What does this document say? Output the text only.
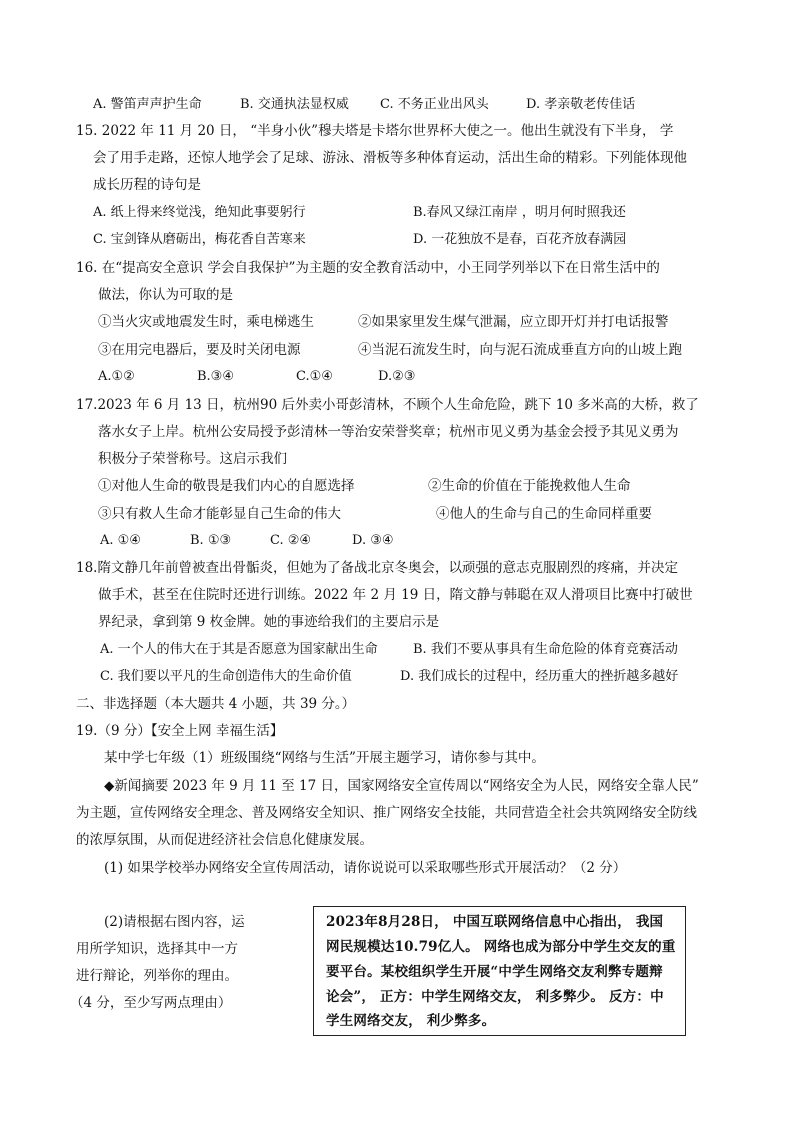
A. 警笛声声护生命	B. 交通执法显权威 C. 不务正业出风头	D. 孝亲敬老传佳话
15. 2022 年 11 月 20 日， “半身小伙”穆夫塔是卡塔尔世界杯大使之一。他出生就没有下半身， 学
会了用手走路，还惊人地学会了足球、游泳、滑板等多种体育运动，活出生命的精彩。下列能体现他
成长历程的诗句是
A. 纸上得来终觉浅，绝知此事要躬行	B.春风又绿江南岸 ，明月何时照我还
C. 宝剑锋从磨砺出，梅花香自苦寒来	D. 一花独放不是春，百花齐放春满园
16. 在“提高安全意识 学会自我保护”为主题的安全教育活动中，小王同学列举以下在日常生活中的
做法，你认为可取的是
①当火灾或地震发生时，乘电梯逃生	②如果家里发生煤气泄漏，应立即开灯并打电话报警
③在用完电器后，要及时关闭电源	④当泥石流发生时，向与泥石流成垂直方向的山坡上跑
A.①②	B.③④	C.①④	D.②③
17.2023 年 6 月 13 日，杭州90 后外卖小哥彭清林，不顾个人生命危险，跳下 10 多米高的大桥，救了
落水女子上岸。杭州公安局授予彭清林一等治安荣誉奖章；杭州市见义勇为基金会授予其见义勇为
积极分子荣誉称号。这启示我们
①对他人生命的敬畏是我们内心的自愿选择	②生命的价值在于能挽救他人生命
③只有救人生命才能彰显自己生命的伟大	④他人的生命与自己的生命同样重要
A. ①④	B. ①③	C. ②④	D. ③④
18.隋文静几年前曾被查出骨骺炎，但她为了备战北京冬奥会，以顽强的意志克服剧烈的疼痛，并决定
做手术，甚至在住院时还进行训练。2022 年 2 月 19 日，隋文静与韩聪在双人滑项目比赛中打破世
界纪录，拿到第 9 枚金牌。她的事迹给我们的主要启示是
A. 一个人的伟大在于其是否愿意为国家献出生命	B. 我们不要从事具有生命危险的体育竞赛活动
C. 我们要以平凡的生命创造伟大的生命价值	D. 我们成长的过程中，经历重大的挫折越多越好
二、非选择题（本大题共 4 小题，共 39 分。）
19.（9 分）【安全上网 幸福生活】
某中学七年级（1）班级围绕“网络与生活”开展主题学习，请你参与其中。
◆新闻摘要 2023 年 9 月 11 至 17 日，国家网络安全宣传周以“网络安全为人民，网络安全靠人民”
为主题，宣传网络安全理念、普及网络安全知识、推广网络安全技能，共同营造全社会共筑网络安全防线
的浓厚氛围，从而促进经济社会信息化健康发展。
(1) 如果学校举办网络安全宣传周活动，请你说说可以采取哪些形式开展活动？（2 分）
(2)请根据右图内容，运
用所学知识，选择其中一方
进行辩论，列举你的理由。
（4 分，至少写两点理由）
2023年8月28日， 中国互联网络信息中心指出， 我国
网民规模达10.79亿人。 网络也成为部分中学生交友的重
要平台。某校组织学生开展“中学生网络交友利弊专题辩
论会”， 正方：中学生网络交友， 利多弊少。 反方：中
学生网络交友， 利少弊多。
